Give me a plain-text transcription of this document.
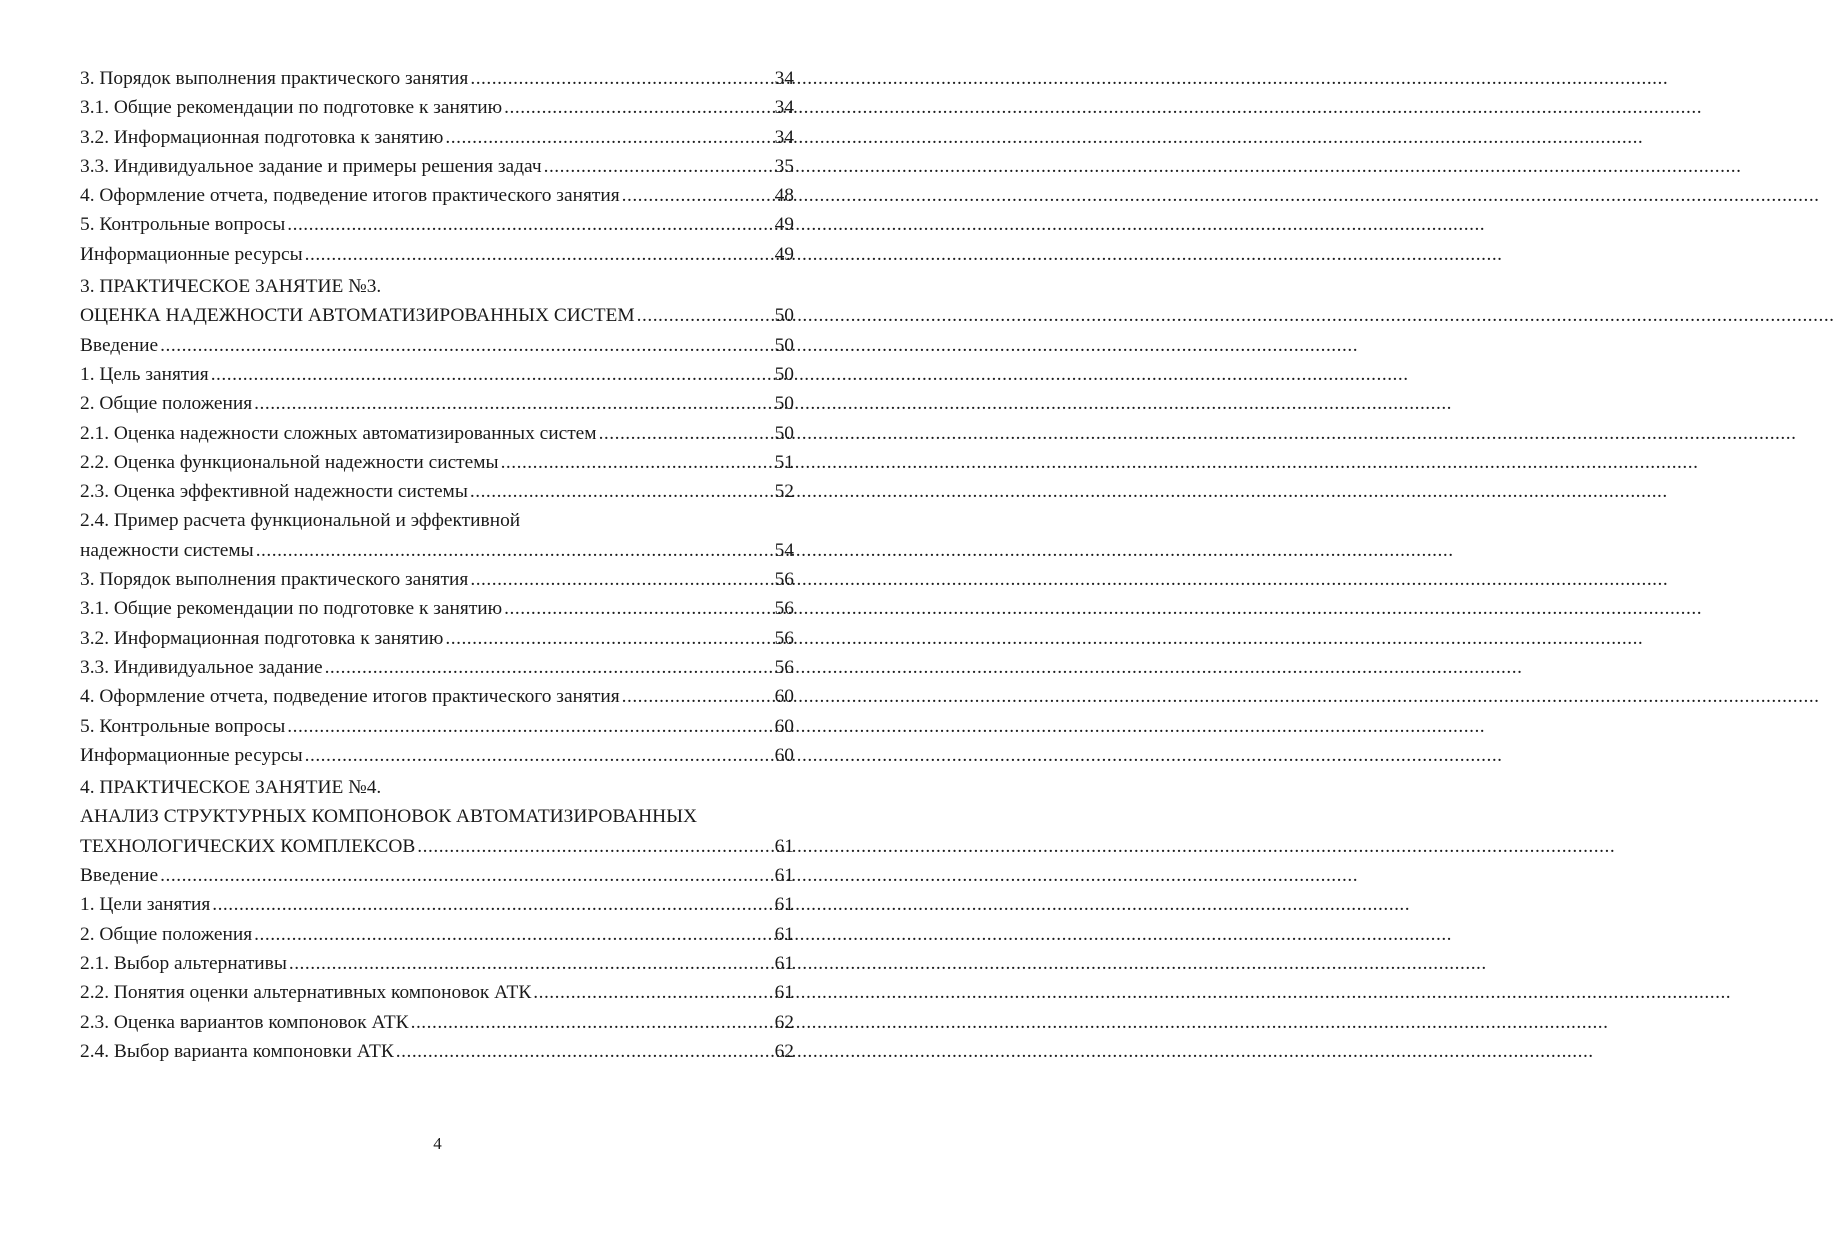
3. Порядок выполнения практического занятия .....	34
3.1. Общие рекомендации по подготовке к занятию .....	34
3.2. Информационная подготовка к занятию .....	34
3.3. Индивидуальное задание и примеры решения задач .....	35
4. Оформление отчета, подведение итогов практического занятия .....	48
5. Контрольные вопросы .....	49
Информационные ресурсы .....	49
3. ПРАКТИЧЕСКОЕ ЗАНЯТИЕ №3.
ОЦЕНКА НАДЕЖНОСТИ АВТОМАТИЗИРОВАННЫХ СИСТЕМ .....	50
Введение .....	50
1. Цель занятия .....	50
2. Общие положения .....	50
2.1. Оценка надежности сложных автоматизированных систем .....	50
2.2. Оценка функциональной надежности системы .....	51
2.3. Оценка эффективной надежности системы .....	52
2.4. Пример расчета функциональной и эффективной
надежности системы .....	54
3. Порядок выполнения практического занятия .....	56
3.1. Общие рекомендации по подготовке к занятию .....	56
3.2. Информационная подготовка к занятию .....	56
3.3. Индивидуальное задание .....	56
4. Оформление отчета, подведение итогов практического занятия .....	60
5. Контрольные вопросы .....	60
Информационные ресурсы .....	60
4. ПРАКТИЧЕСКОЕ ЗАНЯТИЕ №4.
АНАЛИЗ СТРУКТУРНЫХ КОМПОНОВОК АВТОМАТИЗИРОВАННЫХ
ТЕХНОЛОГИЧЕСКИХ КОМПЛЕКСОВ .....	61
Введение .....	61
1. Цели занятия .....	61
2. Общие положения .....	61
2.1. Выбор альтернативы .....	61
2.2. Понятия оценки альтернативных компоновок АТК .....	61
2.3. Оценка вариантов компоновок АТК .....	62
2.4. Выбор варианта компоновки АТК .....	62
4
